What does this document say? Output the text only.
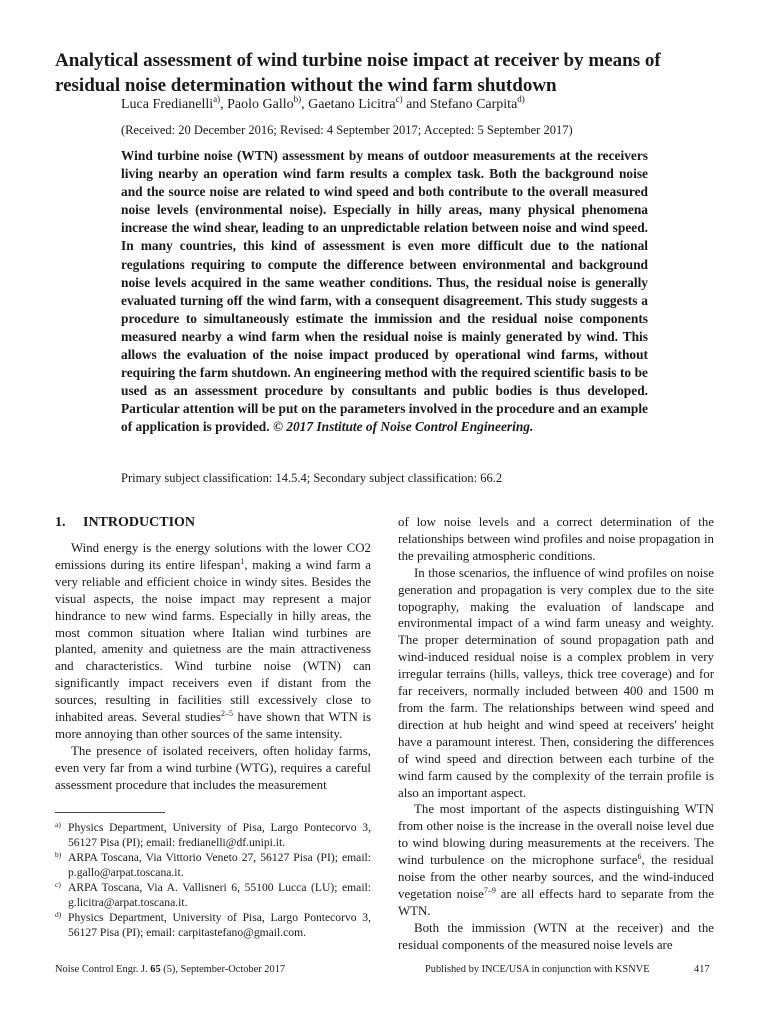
Analytical assessment of wind turbine noise impact at receiver by means of residual noise determination without the wind farm shutdown
Luca Fredianelli$^{a)}$, Paolo Gallo$^{b)}$, Gaetano Licitra$^{c)}$ and Stefano Carpita$^{d)}$
(Received: 20 December 2016; Revised: 4 September 2017; Accepted: 5 September 2017)

Wind turbine noise (WTN) assessment by means of outdoor measurements at the receivers living nearby an operation wind farm results a complex task. Both the background noise and the source noise are related to wind speed and both contribute to the overall measured noise levels (environmental noise). Especially in hilly areas, many physical phenomena increase the wind shear, leading to an unpredictable relation between noise and wind speed. In many countries, this kind of assessment is even more difficult due to the national regulations requiring to compute the difference between environmental and background noise levels acquired in the same weather conditions. Thus, the residual noise is generally evaluated turning off the wind farm, with a consequent disagreement. This study suggests a procedure to simultaneously estimate the immission and the residual noise components measured nearby a wind farm when the residual noise is mainly generated by wind. This allows the evaluation of the noise impact produced by operational wind farms, without requiring the farm shutdown. An engineering method with the required scientific basis to be used as an assessment procedure by consultants and public bodies is thus developed. Particular attention will be put on the parameters involved in the procedure and an example of application is provided. © 2017 Institute of Noise Control Engineering.

Primary subject classification: 14.5.4; Secondary subject classification: 66.2
1. INTRODUCTION

Wind energy is the energy solutions with the lower CO2 emissions during its entire lifespan$^1$, making a wind farm a very reliable and efficient choice in windy sites. Besides the visual aspects, the noise impact may represent a major hindrance to new wind farms. Especially in hilly areas, the most common situation where Italian wind turbines are planted, amenity and quietness are the main attractiveness and characteristics. Wind turbine noise (WTN) can significantly impact receivers even if distant from the sources, resulting in facilities still excessively close to inhabited areas. Several studies$^{2-5}$ have shown that WTN is more annoying than other sources of the same intensity.

The presence of isolated receivers, often holiday farms, even very far from a wind turbine (WTG), requires a careful assessment procedure that includes the measurement

of low noise levels and a correct determination of the relationships between wind profiles and noise propagation in the prevailing atmospheric conditions.

In those scenarios, the influence of wind profiles on noise generation and propagation is very complex due to the site topography, making the evaluation of landscape and environmental impact of a wind farm uneasy and weighty. The proper determination of sound propagation path and wind-induced residual noise is a complex problem in very irregular terrains (hills, valleys, thick tree coverage) and for far receivers, normally included between 400 and 1500 m from the farm. The relationships between wind speed and direction at hub height and wind speed at receivers' height have a paramount interest. Then, considering the differences of wind speed and direction between each turbine of the wind farm caused by the complexity of the terrain profile is also an important aspect.

The most important of the aspects distinguishing WTN from other noise is the increase in the overall noise level due to wind blowing during measurements at the receivers. The wind turbulence on the microphone surface$^6$, the residual noise from the other nearby sources, and the wind-induced vegetation noise$^{7-9}$ are all effects hard to separate from the WTN.

Both the immission (WTN at the receiver) and the residual components of the measured noise levels are

a) Physics Department, University of Pisa, Largo Pontecorvo 3, 56127 Pisa (PI); email: fredianelli@df.unipi.it.
b) ARPA Toscana, Via Vittorio Veneto 27, 56127 Pisa (PI); email: p.gallo@arpat.toscana.it.
c) ARPA Toscana, Via A. Vallisneri 6, 55100 Lucca (LU); email: g.licitra@arpat.toscana.it.
d) Physics Department, University of Pisa, Largo Pontecorvo 3, 56127 Pisa (PI); email: carpitastefano@gmail.com.
Noise Control Engr. J. 65 (5), September-October 2017	Published by INCE/USA in conjunction with KSNVE	417
